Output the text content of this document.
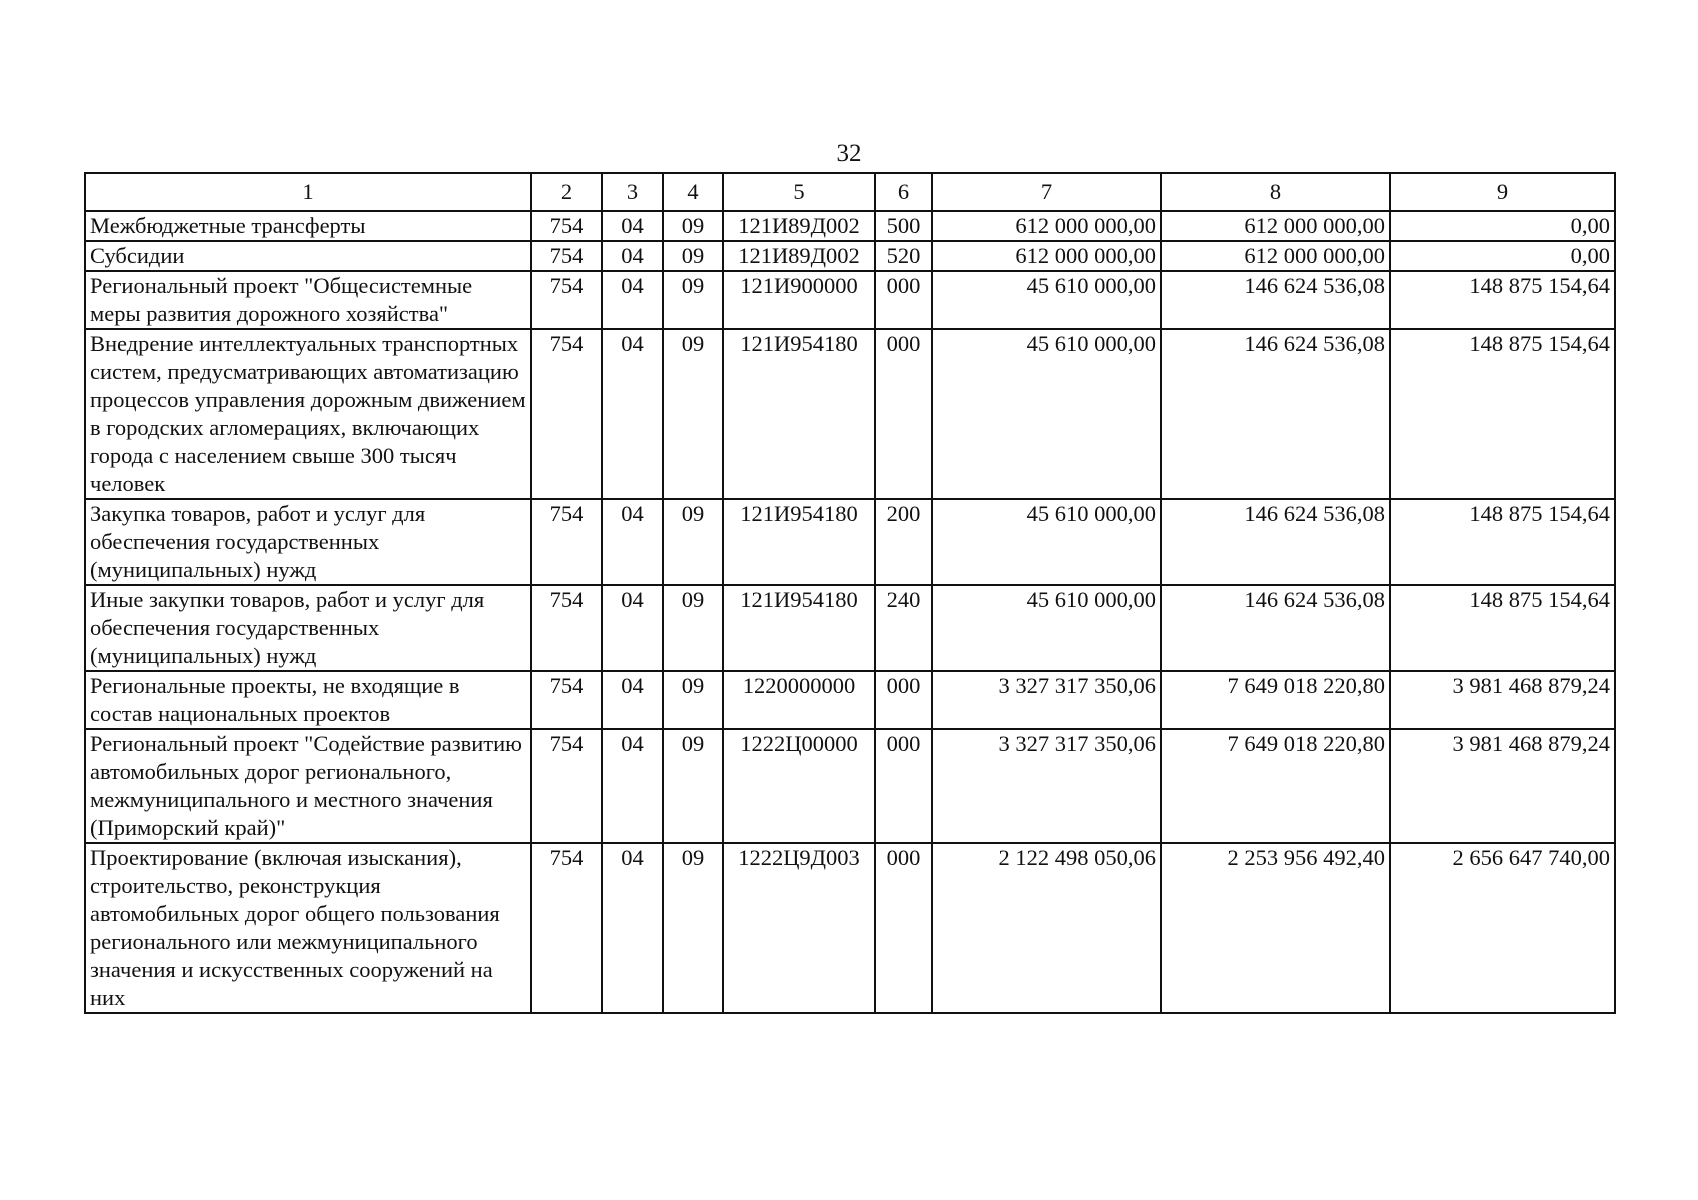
32
1	2	3	4	5	6	7	8	9
Межбюджетные трансферты	754	04	09	121И89Д002	500	612 000 000,00	612 000 000,00	0,00
Субсидии	754	04	09	121И89Д002	520	612 000 000,00	612 000 000,00	0,00
Региональный проект "Общесистемные меры развития дорожного хозяйства"	754	04	09	121И900000	000	45 610 000,00	146 624 536,08	148 875 154,64
Внедрение интеллектуальных транспортных систем, предусматривающих автоматизацию процессов управления дорожным движением в городских агломерациях, включающих города с населением свыше 300 тысяч человек	754	04	09	121И954180	000	45 610 000,00	146 624 536,08	148 875 154,64
Закупка товаров, работ и услуг для обеспечения государственных (муниципальных) нужд	754	04	09	121И954180	200	45 610 000,00	146 624 536,08	148 875 154,64
Иные закупки товаров, работ и услуг для обеспечения государственных (муниципальных) нужд	754	04	09	121И954180	240	45 610 000,00	146 624 536,08	148 875 154,64
Региональные проекты, не входящие в состав национальных проектов	754	04	09	1220000000	000	3 327 317 350,06	7 649 018 220,80	3 981 468 879,24
Региональный проект "Содействие развитию автомобильных дорог регионального, межмуниципального и местного значения (Приморский край)"	754	04	09	1222Ц00000	000	3 327 317 350,06	7 649 018 220,80	3 981 468 879,24
Проектирование (включая изыскания), строительство, реконструкция автомобильных дорог общего пользования регионального или межмуниципального значения и искусственных сооружений на них	754	04	09	1222Ц9Д003	000	2 122 498 050,06	2 253 956 492,40	2 656 647 740,00
